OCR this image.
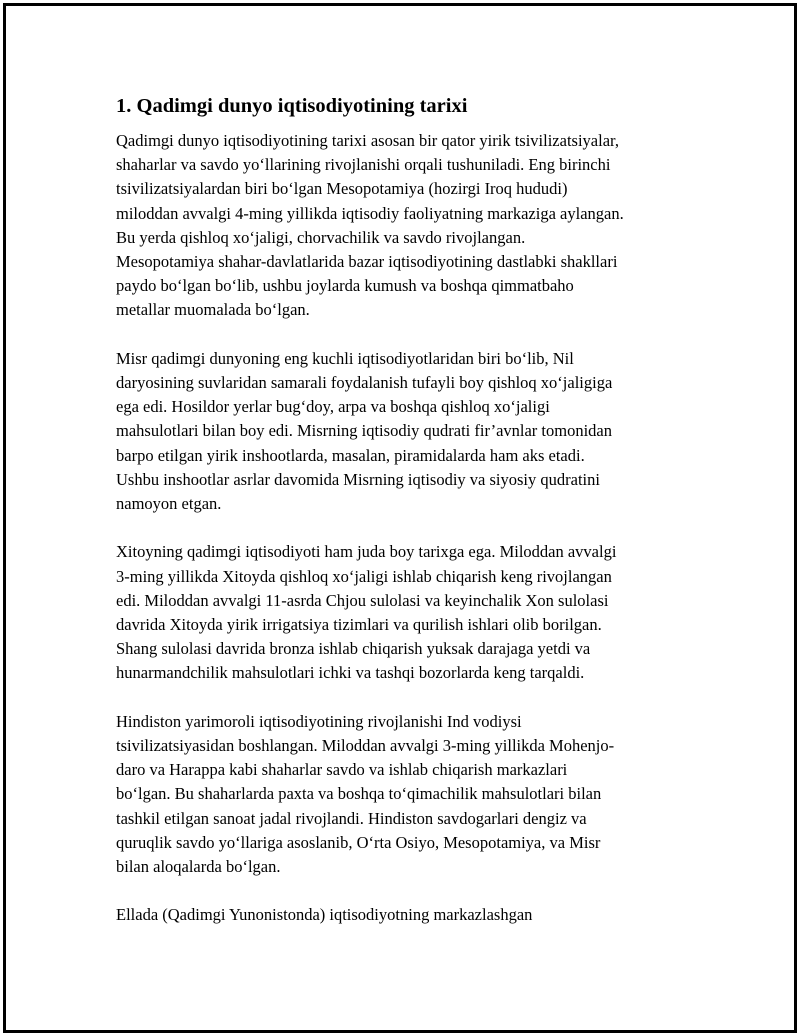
1. Qadimgi dunyo iqtisodiyotining tarixi

Qadimgi dunyo iqtisodiyotining tarixi asosan bir qator yirik tsivilizatsiyalar,
shaharlar va savdo yo‘llarining rivojlanishi orqali tushuniladi. Eng birinchi
tsivilizatsiyalardan biri bo‘lgan Mesopotamiya (hozirgi Iroq hududi)
miloddan avvalgi 4-ming yillikda iqtisodiy faoliyatning markaziga aylangan.
Bu yerda qishloq xo‘jaligi, chorvachilik va savdo rivojlangan.
Mesopotamiya shahar-davlatlarida bazar iqtisodiyotining dastlabki shakllari
paydo bo‘lgan bo‘lib, ushbu joylarda kumush va boshqa qimmatbaho
metallar muomalada bo‘lgan.

Misr qadimgi dunyoning eng kuchli iqtisodiyotlaridan biri bo‘lib, Nil
daryosining suvlaridan samarali foydalanish tufayli boy qishloq xo‘jaligiga
ega edi. Hosildor yerlar bug‘doy, arpa va boshqa qishloq xo‘jaligi
mahsulotlari bilan boy edi. Misrning iqtisodiy qudrati fir’avnlar tomonidan
barpo etilgan yirik inshootlarda, masalan, piramidalarda ham aks etadi.
Ushbu inshootlar asrlar davomida Misrning iqtisodiy va siyosiy qudratini
namoyon etgan.

Xitoyning qadimgi iqtisodiyoti ham juda boy tarixga ega. Miloddan avvalgi
3-ming yillikda Xitoyda qishloq xo‘jaligi ishlab chiqarish keng rivojlangan
edi. Miloddan avvalgi 11-asrda Chjou sulolasi va keyinchalik Xon sulolasi
davrida Xitoyda yirik irrigatsiya tizimlari va qurilish ishlari olib borilgan.
Shang sulolasi davrida bronza ishlab chiqarish yuksak darajaga yetdi va
hunarmandchilik mahsulotlari ichki va tashqi bozorlarda keng tarqaldi.

Hindiston yarimoroli iqtisodiyotining rivojlanishi Ind vodiysi
tsivilizatsiyasidan boshlangan. Miloddan avvalgi 3-ming yillikda Mohenjo-
daro va Harappa kabi shaharlar savdo va ishlab chiqarish markazlari
bo‘lgan. Bu shaharlarda paxta va boshqa to‘qimachilik mahsulotlari bilan
tashkil etilgan sanoat jadal rivojlandi. Hindiston savdogarlari dengiz va
quruqlik savdo yo‘llariga asoslanib, O‘rta Osiyo, Mesopotamiya, va Misr
bilan aloqalarda bo‘lgan.

Ellada (Qadimgi Yunonistonda) iqtisodiyotning markazlashgan
